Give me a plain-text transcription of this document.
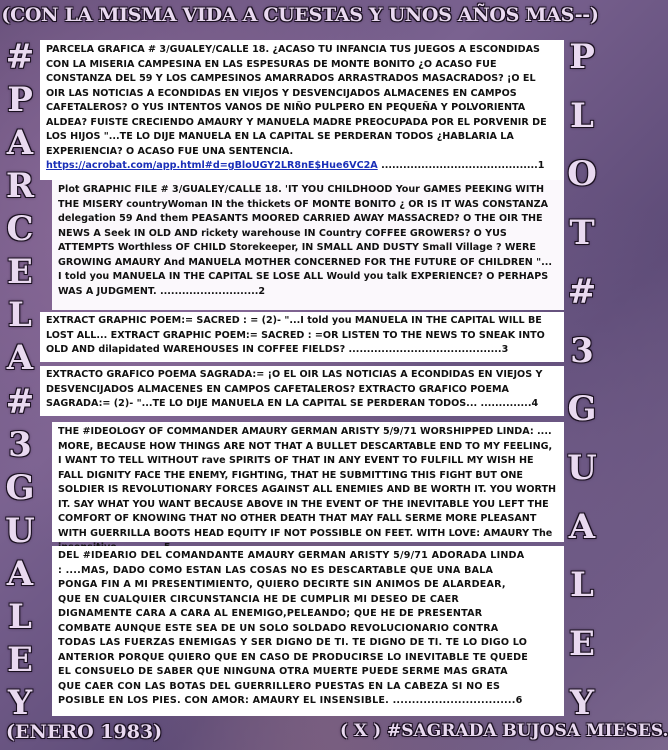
(CON LA MISMA VIDA A CUESTAS Y UNOS AÑOS MAS--)
#
P
A
R
C
E
L
A
#
3
G
U
A
L
E
Y
P
L
O
T
#
3
G
U
A
L
E
Y
PARCELA GRAFICA # 3/GUALEY/CALLE 18. ¿ACASO TU INFANCIA TUS JUEGOS A ESCONDIDAS CON LA MISERIA CAMPESINA EN LAS ESPESURAS DE MONTE BONITO ¿O ACASO FUE CONSTANZA DEL 59 Y LOS CAMPESINOS AMARRADOS ARRASTRADOS MASACRADOS? ¡O EL OIR LAS NOTICIAS A ECONDIDAS EN VIEJOS Y DESVENCIJADOS ALMACENES EN CAMPOS CAFETALEROS? O YUS INTENTOS VANOS DE NIÑO PULPERO EN PEQUEÑA Y POLVORIENTA ALDEA? FUISTE CRECIENDO AMAURY Y MANUELA MADRE PREOCUPADA POR EL PORVENIR DE LOS HIJOS "...TE LO DIJE MANUELA EN LA CAPITAL SE PERDERAN TODOS ¿HABLARIA LA EXPERIENCIA? O ACASO FUE UNA SENTENCIA. https://acrobat.com/app.html#d=gBloUGY2LR8nE$Hue6VC2A ...........................................1
Plot GRAPHIC FILE # 3/GUALEY/CALLE 18. 'IT YOU CHILDHOOD Your GAMES PEEKING WITH THE MISERY countryWoman IN the thickets OF MONTE BONITO ¿ OR IS IT WAS CONSTANZA delegation 59 And them PEASANTS MOORED CARRIED AWAY MASSACRED? O THE OIR THE NEWS A Seek IN OLD AND rickety warehouse IN Country COFFEE GROWERS? O YUS ATTEMPTS Worthless OF CHILD Storekeeper, IN SMALL AND DUSTY Small Village ? WERE GROWING AMAURY And MANUELA MOTHER CONCERNED FOR THE FUTURE OF CHILDREN "... I told you MANUELA IN THE CAPITAL SE LOSE ALL Would you talk EXPERIENCE? O PERHAPS WAS A JUDGMENT. ...........................2
EXTRACT GRAPHIC POEM:= SACRED : = (2)- "...I told you MANUELA IN THE CAPITAL WILL BE LOST ALL... EXTRACT GRAPHIC POEM:= SACRED : =OR LISTEN TO THE NEWS TO SNEAK INTO OLD AND dilapidated WAREHOUSES IN COFFEE FIELDS? ..........................................3
EXTRACTO GRAFICO POEMA SAGRADA:= ¡O EL OIR LAS NOTICIAS A ECONDIDAS EN VIEJOS Y DESVENCIJADOS ALMACENES EN CAMPOS CAFETALEROS? EXTRACTO GRAFICO POEMA SAGRADA:= (2)- "...TE LO DIJE MANUELA EN LA CAPITAL SE PERDERAN TODOS... ..............4
THE #IDEOLOGY OF COMMANDER AMAURY GERMAN ARISTY 5/9/71 WORSHIPPED LINDA: .... MORE, BECAUSE HOW THINGS ARE NOT THAT A BULLET DESCARTABLE END TO MY FEELING, I WANT TO TELL WITHOUT rave SPIRITS OF THAT IN ANY EVENT TO FULFILL MY WISH HE FALL DIGNITY FACE THE ENEMY, FIGHTING, THAT HE SUBMITTING THIS FIGHT BUT ONE SOLDIER IS REVOLUTIONARY FORCES AGAINST ALL ENEMIES AND BE WORTH IT. YOU WORTH IT. SAY WHAT YOU WANT BECAUSE ABOVE IN THE EVENT OF THE INEVITABLE YOU LEFT THE COMFORT OF KNOWING THAT NO OTHER DEATH THAT MAY FALL SERME MORE PLEASANT WITH GUERRILLA BOOTS HEAD EQUITY IF NOT POSSIBLE ON FEET. WITH LOVE: AMAURY The
DEL #IDEARIO DEL COMANDANTE AMAURY GERMAN ARISTY 5/9/71 ADORADA LINDA
: ....MAS, DADO COMO ESTAN LAS COSAS NO ES DESCARTABLE QUE UNA BALA
PONGA FIN A MI PRESENTIMIENTO, QUIERO DECIRTE SIN ANIMOS DE ALARDEAR,
QUE EN CUALQUIER CIRCUNSTANCIA HE DE CUMPLIR MI DESEO DE CAER
DIGNAMENTE CARA A CARA AL ENEMIGO,PELEANDO; QUE HE DE PRESENTAR
COMBATE AUNQUE ESTE SEA DE UN SOLO SOLDADO REVOLUCIONARIO CONTRA
TODAS LAS FUERZAS ENEMIGAS Y SER DIGNO DE TI. TE DIGNO DE TI. TE LO DIGO LO
ANTERIOR PORQUE QUIERO QUE EN CASO DE PRODUCIRSE LO INEVITABLE TE QUEDE
EL CONSUELO DE SABER QUE NINGUNA OTRA MUERTE PUEDE SERME MAS GRATA
QUE CAER CON LAS BOTAS DEL GUERRILLERO PUESTAS EN LA CABEZA SI NO ES
POSIBLE EN LOS PIES. CON AMOR: AMAURY EL INSENSIBLE. ................................6
(ENERO 1983)	( X ) #SAGRADA BUJOSA MIESES.
